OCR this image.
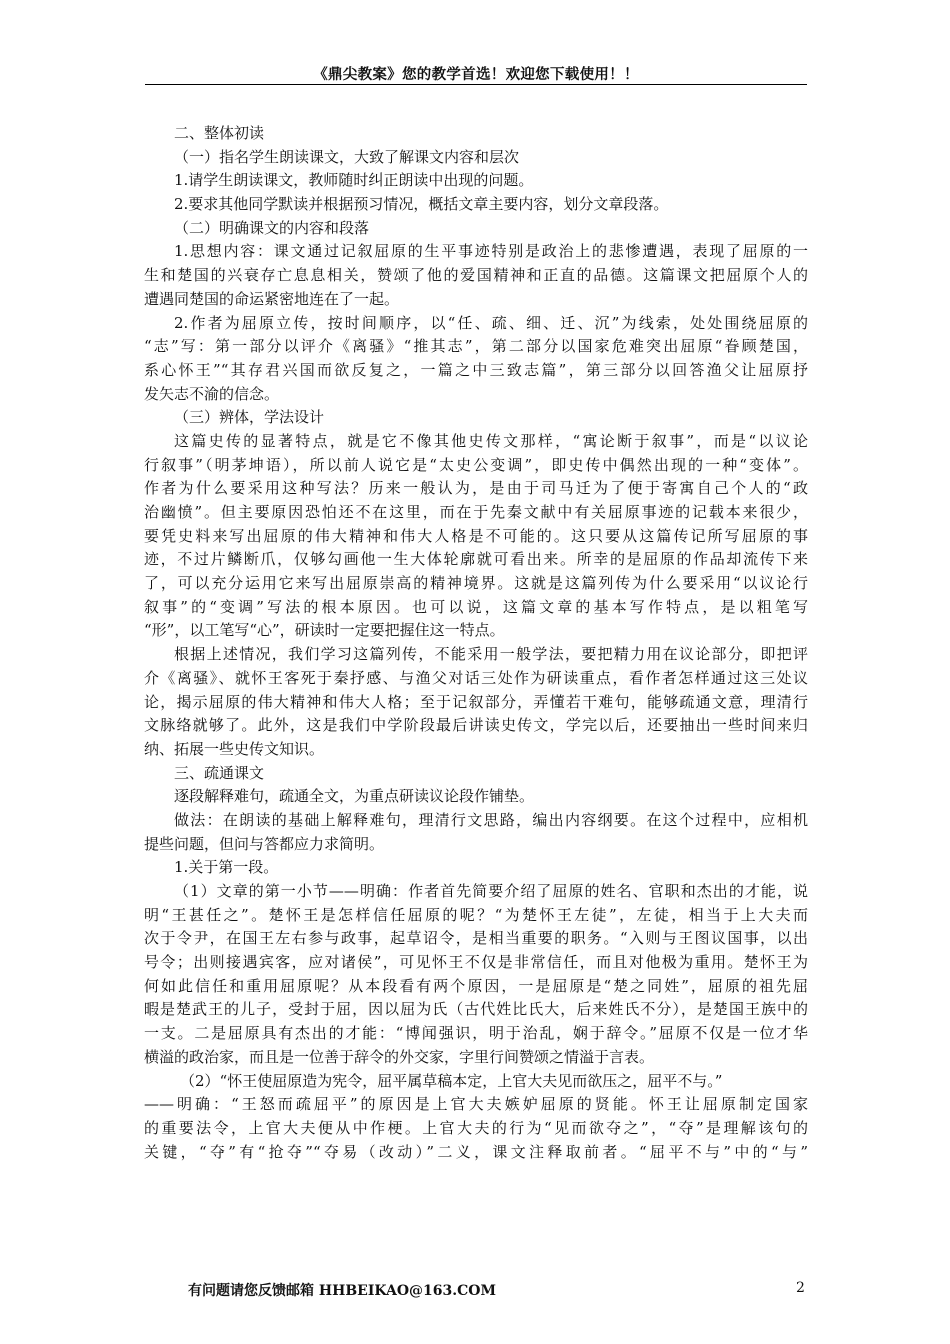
《鼎尖教案》您的教学首选！欢迎您下载使用！！
二、整体初读
（一）指名学生朗读课文，大致了解课文内容和层次
1.请学生朗读课文，教师随时纠正朗读中出现的问题。
2.要求其他同学默读并根据预习情况，概括文章主要内容，划分文章段落。
（二）明确课文的内容和段落
1.思想内容：课文通过记叙屈原的生平事迹特别是政治上的悲惨遭遇，表现了屈原的一
生和楚国的兴衰存亡息息相关，赞颂了他的爱国精神和正直的品德。这篇课文把屈原个人的
遭遇同楚国的命运紧密地连在了一起。
2.作者为屈原立传，按时间顺序，以“任、疏、细、迁、沉”为线索，处处围绕屈原的
“志”写：第一部分以评介《离骚》“推其志”，第二部分以国家危难突出屈原“眷顾楚国，
系心怀王”“其存君兴国而欲反复之，一篇之中三致志篇”，第三部分以回答渔父让屈原抒
发矢志不渝的信念。
（三）辨体，学法设计
这篇史传的显著特点，就是它不像其他史传文那样，“寓论断于叙事”，而是“以议论
行叙事”（明茅坤语），所以前人说它是“太史公变调”，即史传中偶然出现的一种“变体”。
作者为什么要采用这种写法？历来一般认为，是由于司马迁为了便于寄寓自己个人的“政
治幽愤”。但主要原因恐怕还不在这里，而在于先秦文献中有关屈原事迹的记载本来很少，
要凭史料来写出屈原的伟大精神和伟大人格是不可能的。这只要从这篇传记所写屈原的事
迹，不过片鳞断爪，仅够勾画他一生大体轮廓就可看出来。所幸的是屈原的作品却流传下来
了，可以充分运用它来写出屈原崇高的精神境界。这就是这篇列传为什么要采用“以议论行
叙事”的“变调”写法的根本原因。也可以说，这篇文章的基本写作特点，是以粗笔写
“形”，以工笔写“心”，研读时一定要把握住这一特点。
根据上述情况，我们学习这篇列传，不能采用一般学法，要把精力用在议论部分，即把评
介《离骚》、就怀王客死于秦抒感、与渔父对话三处作为研读重点，看作者怎样通过这三处议
论，揭示屈原的伟大精神和伟大人格；至于记叙部分，弄懂若干难句，能够疏通文意，理清行
文脉络就够了。此外，这是我们中学阶段最后讲读史传文，学完以后，还要抽出一些时间来归
纳、拓展一些史传文知识。
三、疏通课文
逐段解释难句，疏通全文，为重点研读议论段作铺垫。
做法：在朗读的基础上解释难句，理清行文思路，编出内容纲要。在这个过程中，应相机
提些问题，但问与答都应力求简明。
1.关于第一段。
（1）文章的第一小节——明确：作者首先简要介绍了屈原的姓名、官职和杰出的才能，说
明“王甚任之”。楚怀王是怎样信任屈原的呢？“为楚怀王左徒”，左徒，相当于上大夫而
次于令尹，在国王左右参与政事，起草诏令，是相当重要的职务。“入则与王图议国事，以出
号令；出则接遇宾客，应对诸侯”，可见怀王不仅是非常信任，而且对他极为重用。楚怀王为
何如此信任和重用屈原呢？从本段看有两个原因，一是屈原是“楚之同姓”，屈原的祖先屈
暇是楚武王的儿子，受封于屈，因以屈为氏（古代姓比氏大，后来姓氏不分），是楚国王族中的
一支。二是屈原具有杰出的才能：“博闻强识，明于治乱，娴于辞令。”屈原不仅是一位才华
横溢的政治家，而且是一位善于辞令的外交家，字里行间赞颂之情溢于言表。
（2）“怀王使屈原造为宪令，屈平属草稿本定，上官大夫见而欲压之，屈平不与。”
——明确：“王怒而疏屈平”的原因是上官大夫嫉妒屈原的贤能。怀王让屈原制定国家
的重要法令，上官大夫便从中作梗。上官大夫的行为“见而欲夺之”，“夺”是理解该句的
关键，“夺”有“抢夺”“夺易（改动）”二义，课文注释取前者。“屈平不与”中的“与”
有问题请您反馈邮箱 HHBEIKAO@163.COM	2
